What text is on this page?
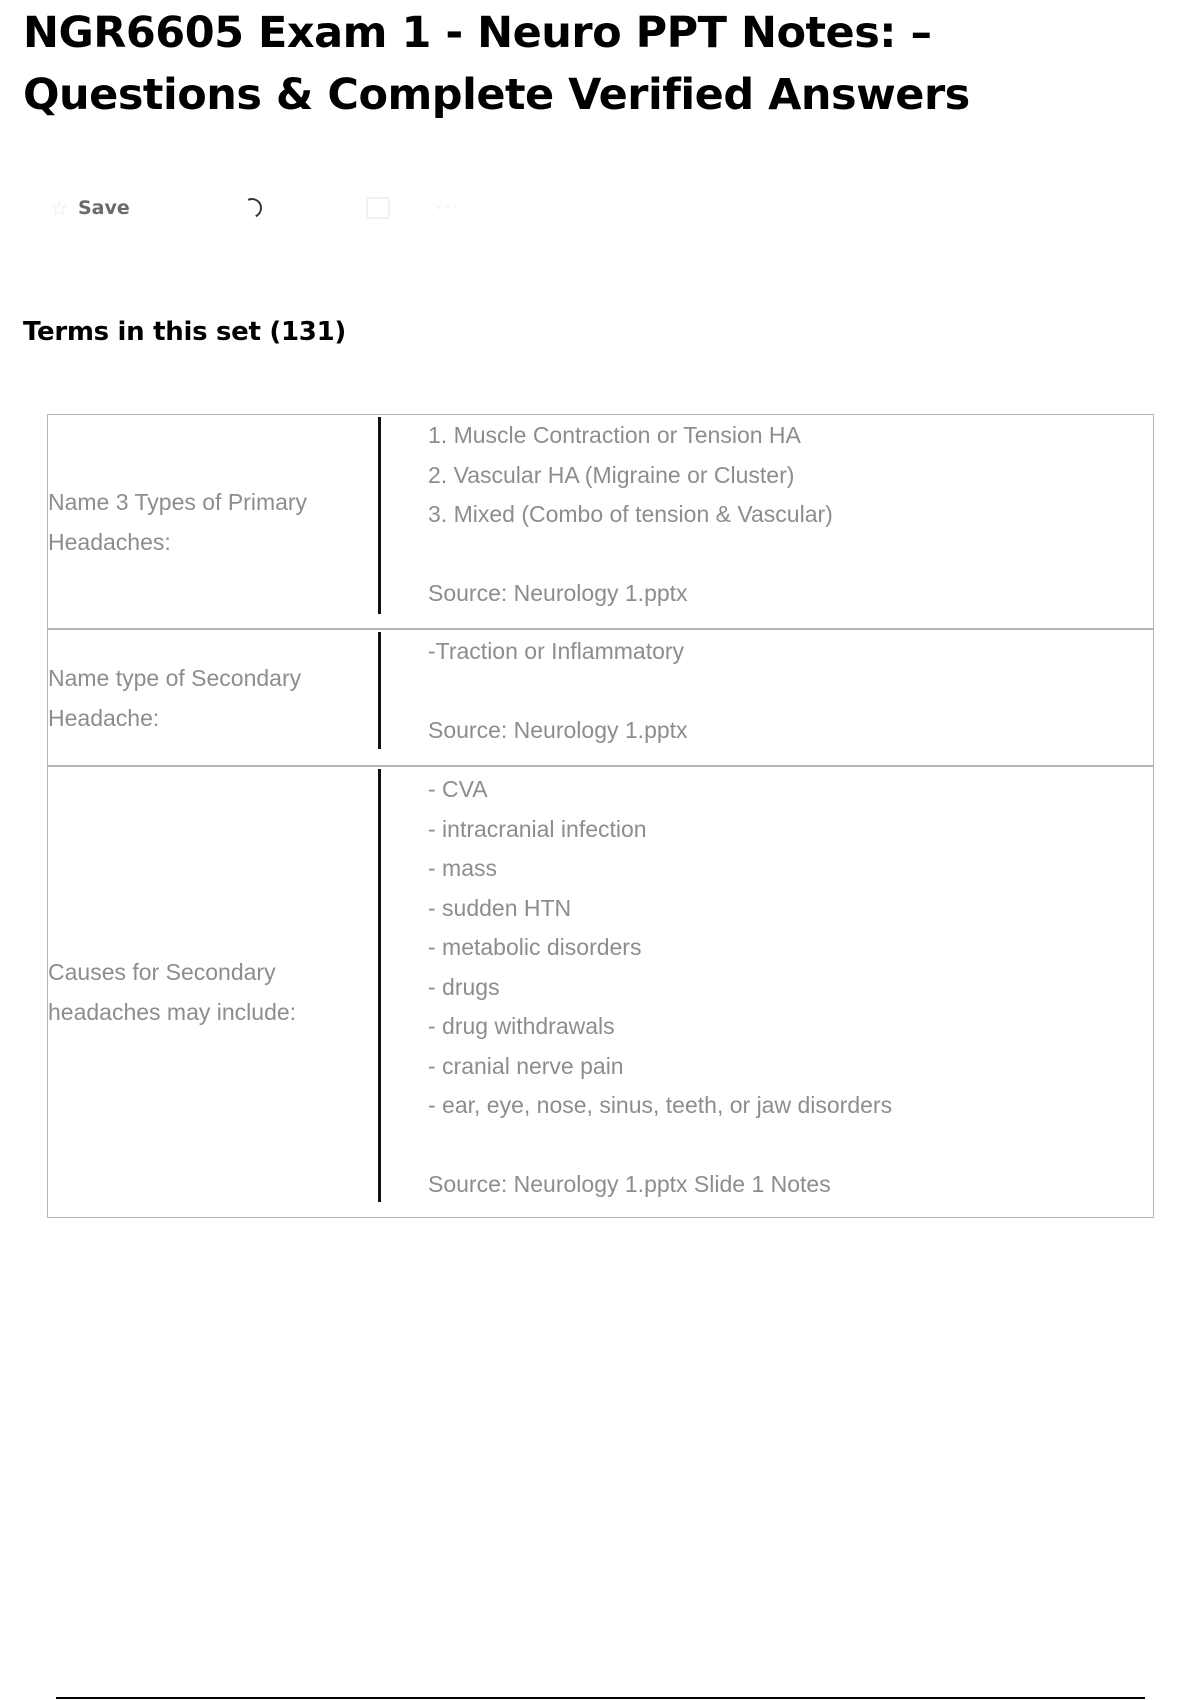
NGR6605 Exam 1 - Neuro PPT Notes: – Questions & Complete Verified Answers
☆ Save	···
Terms in this set (131)
Name 3 Types of Primary Headaches:
1. Muscle Contraction or Tension HA
2. Vascular HA (Migraine or Cluster)
3. Mixed (Combo of tension & Vascular)
Source: Neurology 1.pptx
Name type of Secondary Headache:
-Traction or Inflammatory
Source: Neurology 1.pptx
Causes for Secondary headaches may include:
- CVA
- intracranial infection
- mass
- sudden HTN
- metabolic disorders
- drugs
- drug withdrawals
- cranial nerve pain
- ear, eye, nose, sinus, teeth, or jaw disorders
Source: Neurology 1.pptx Slide 1 Notes
